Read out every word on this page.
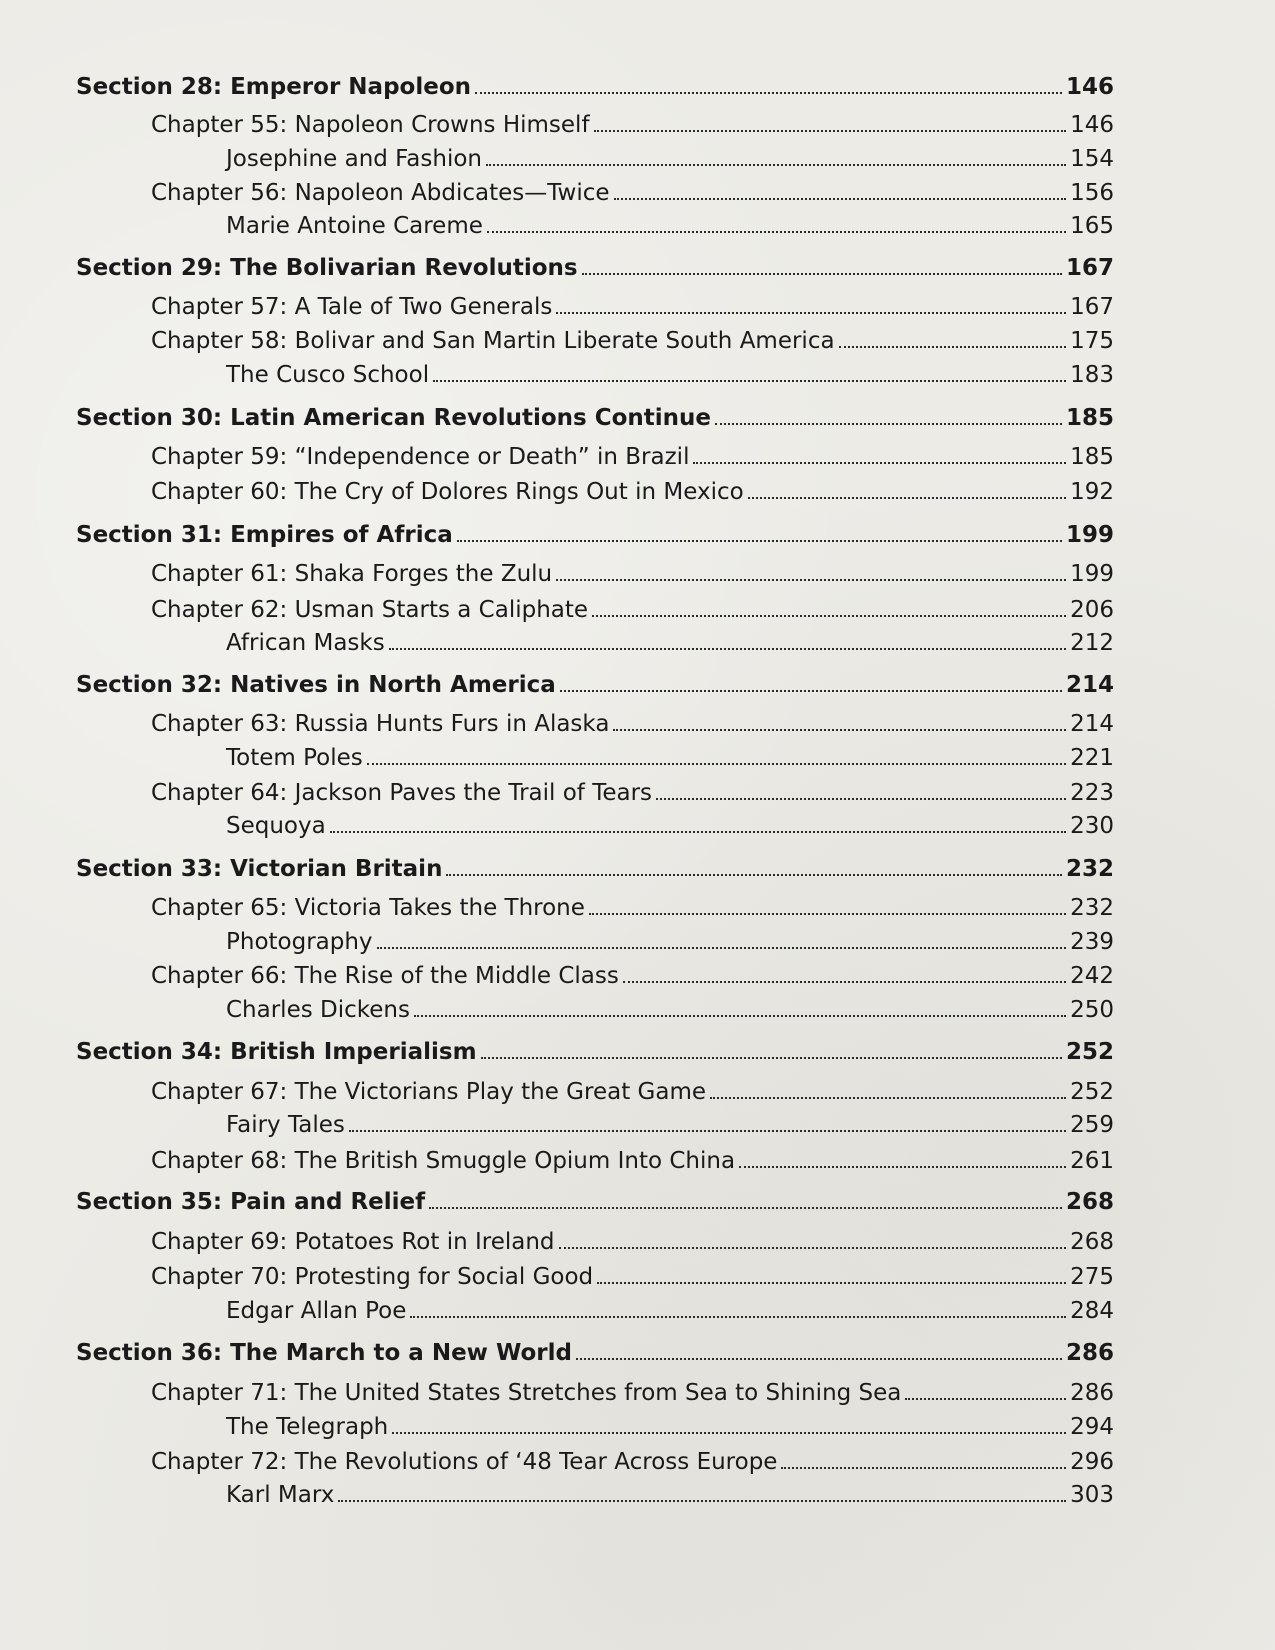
Section 28: Emperor Napoleon	146
Chapter 55: Napoleon Crowns Himself	146
Josephine and Fashion	154
Chapter 56: Napoleon Abdicates—Twice	156
Marie Antoine Careme	165
Section 29: The Bolivarian Revolutions	167
Chapter 57: A Tale of Two Generals	167
Chapter 58: Bolivar and San Martin Liberate South America	175
The Cusco School	183
Section 30: Latin American Revolutions Continue	185
Chapter 59: “Independence or Death” in Brazil	185
Chapter 60: The Cry of Dolores Rings Out in Mexico	192
Section 31: Empires of Africa	199
Chapter 61: Shaka Forges the Zulu	199
Chapter 62: Usman Starts a Caliphate	206
African Masks	212
Section 32: Natives in North America	214
Chapter 63: Russia Hunts Furs in Alaska	214
Totem Poles	221
Chapter 64: Jackson Paves the Trail of Tears	223
Sequoya	230
Section 33: Victorian Britain	232
Chapter 65: Victoria Takes the Throne	232
Photography	239
Chapter 66: The Rise of the Middle Class	242
Charles Dickens	250
Section 34: British Imperialism	252
Chapter 67: The Victorians Play the Great Game	252
Fairy Tales	259
Chapter 68: The British Smuggle Opium Into China	261
Section 35: Pain and Relief	268
Chapter 69: Potatoes Rot in Ireland	268
Chapter 70: Protesting for Social Good	275
Edgar Allan Poe	284
Section 36: The March to a New World	286
Chapter 71: The United States Stretches from Sea to Shining Sea	286
The Telegraph	294
Chapter 72: The Revolutions of ‘48 Tear Across Europe	296
Karl Marx	303
